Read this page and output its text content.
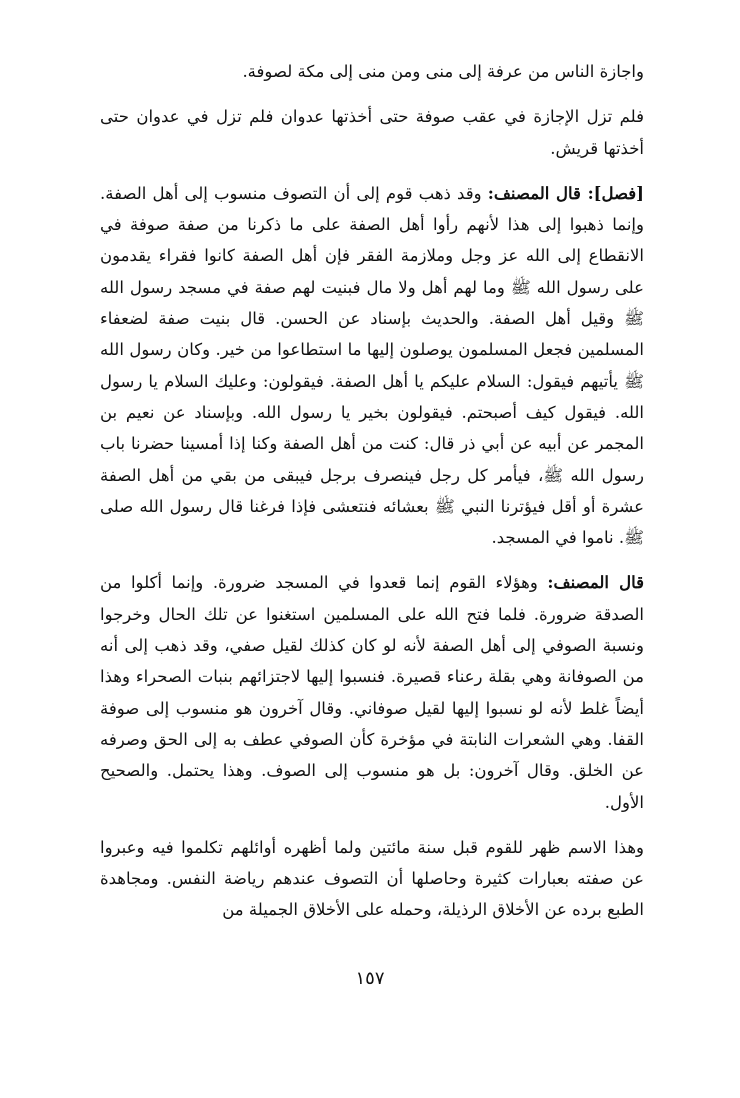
واجازة الناس من عرفة إلى منى ومن منى إلى مكة لصوفة.

فلم تزل الإجازة في عقب صوفة حتى أخذتها عدوان فلم تزل في عدوان حتى أخذتها قريش.

[فصل]: قال المصنف: وقد ذهب قوم إلى أن التصوف منسوب إلى أهل الصفة. وإنما ذهبوا إلى هذا لأنهم رأوا أهل الصفة على ما ذكرنا من صفة صوفة في الانقطاع إلى الله عز وجل وملازمة الفقر فإن أهل الصفة كانوا فقراء يقدمون على رسول الله ﷺ وما لهم أهل ولا مال فبنيت لهم صفة في مسجد رسول الله ﷺ وقيل أهل الصفة. والحديث بإسناد عن الحسن. قال بنيت صفة لضعفاء المسلمين فجعل المسلمون يوصلون إليها ما استطاعوا من خير. وكان رسول الله ﷺ يأتيهم فيقول: السلام عليكم يا أهل الصفة. فيقولون: وعليك السلام يا رسول الله. فيقول كيف أصبحتم. فيقولون بخير يا رسول الله. وبإسناد عن نعيم بن المجمر عن أبيه عن أبي ذر قال: كنت من أهل الصفة وكنا إذا أمسينا حضرنا باب رسول الله ﷺ، فيأمر كل رجل فينصرف برجل فيبقى من بقي من أهل الصفة عشرة أو أقل فيؤترنا النبي ﷺ بعشائه فنتعشى فإذا فرغنا قال رسول الله صلى ﷺ. ناموا في المسجد.

قال المصنف: وهؤلاء القوم إنما قعدوا في المسجد ضرورة. وإنما أكلوا من الصدقة ضرورة. فلما فتح الله على المسلمين استغنوا عن تلك الحال وخرجوا ونسبة الصوفي إلى أهل الصفة لأنه لو كان كذلك لقيل صفي، وقد ذهب إلى أنه من الصوفانة وهي بقلة رعناء قصيرة. فنسبوا إليها لاجتزائهم بنبات الصحراء وهذا أيضاً غلط لأنه لو نسبوا إليها لقيل صوفاني. وقال آخرون هو منسوب إلى صوفة القفا. وهي الشعرات النابتة في مؤخرة كأن الصوفي عطف به إلى الحق وصرفه عن الخلق. وقال آخرون: بل هو منسوب إلى الصوف. وهذا يحتمل. والصحيح الأول.

وهذا الاسم ظهر للقوم قبل سنة مائتين ولما أظهره أوائلهم تكلموا فيه وعبروا عن صفته بعبارات كثيرة وحاصلها أن التصوف عندهم رياضة النفس. ومجاهدة الطبع برده عن الأخلاق الرذيلة، وحمله على الأخلاق الجميلة من

١٥٧
